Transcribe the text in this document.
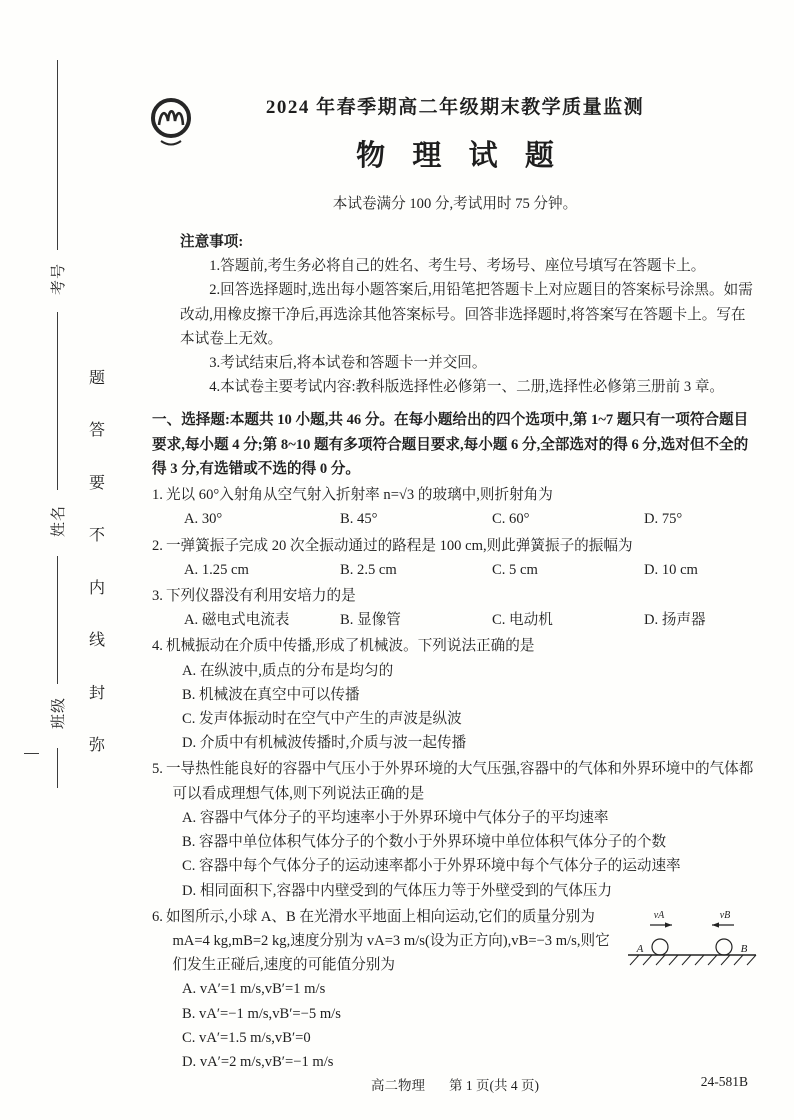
考号
姓名
班级
题
答
要
不
内
线
封
弥
2024 年春季期高二年级期末教学质量监测
物 理 试 题

本试卷满分 100 分,考试用时 75 分钟。

注意事项:

1.答题前,考生务必将自己的姓名、考生号、考场号、座位号填写在答题卡上。

2.回答选择题时,选出每小题答案后,用铅笔把答题卡上对应题目的答案标号涂黑。如需改动,用橡皮擦干净后,再选涂其他答案标号。回答非选择题时,将答案写在答题卡上。写在本试卷上无效。

3.考试结束后,将本试卷和答题卡一并交回。

4.本试卷主要考试内容:教科版选择性必修第一、二册,选择性必修第三册前 3 章。

一、选择题:本题共 10 小题,共 46 分。在每小题给出的四个选项中,第 1~7 题只有一项符合题目要求,每小题 4 分;第 8~10 题有多项符合题目要求,每小题 6 分,全部选对的得 6 分,选对但不全的得 3 分,有选错或不选的得 0 分。

1. 光以 60°入射角从空气射入折射率 n=√3 的玻璃中,则折射角为

A. 30°	B. 45°	C. 60°	D. 75°

2. 一弹簧振子完成 20 次全振动通过的路程是 100 cm,则此弹簧振子的振幅为

A. 1.25 cm	B. 2.5 cm	C. 5 cm	D. 10 cm

3. 下列仪器没有利用安培力的是

A. 磁电式电流表	B. 显像管	C. 电动机	D. 扬声器

4. 机械振动在介质中传播,形成了机械波。下列说法正确的是

A. 在纵波中,质点的分布是均匀的

B. 机械波在真空中可以传播

C. 发声体振动时在空气中产生的声波是纵波

D. 介质中有机械波传播时,介质与波一起传播

5. 一导热性能良好的容器中气压小于外界环境的大气压强,容器中的气体和外界环境中的气体都可以看成理想气体,则下列说法正确的是

A. 容器中气体分子的平均速率小于外界环境中气体分子的平均速率

B. 容器中单位体积气体分子的个数小于外界环境中单位体积气体分子的个数

C. 容器中每个气体分子的运动速率都小于外界环境中每个气体分子的运动速率

D. 相同面积下,容器中内壁受到的气体压力等于外壁受到的气体压力

vA	vB
A	B

6. 如图所示,小球 A、B 在光滑水平地面上相向运动,它们的质量分别为 mA=4 kg,mB=2 kg,速度分别为 vA=3 m/s(设为正方向),vB=−3 m/s,则它们发生正碰后,速度的可能值分别为

A. vA′=1 m/s,vB′=1 m/s

B. vA′=−1 m/s,vB′=−5 m/s

C. vA′=1.5 m/s,vB′=0

D. vA′=2 m/s,vB′=−1 m/s

高二物理 第 1 页(共 4 页)	24-581B
